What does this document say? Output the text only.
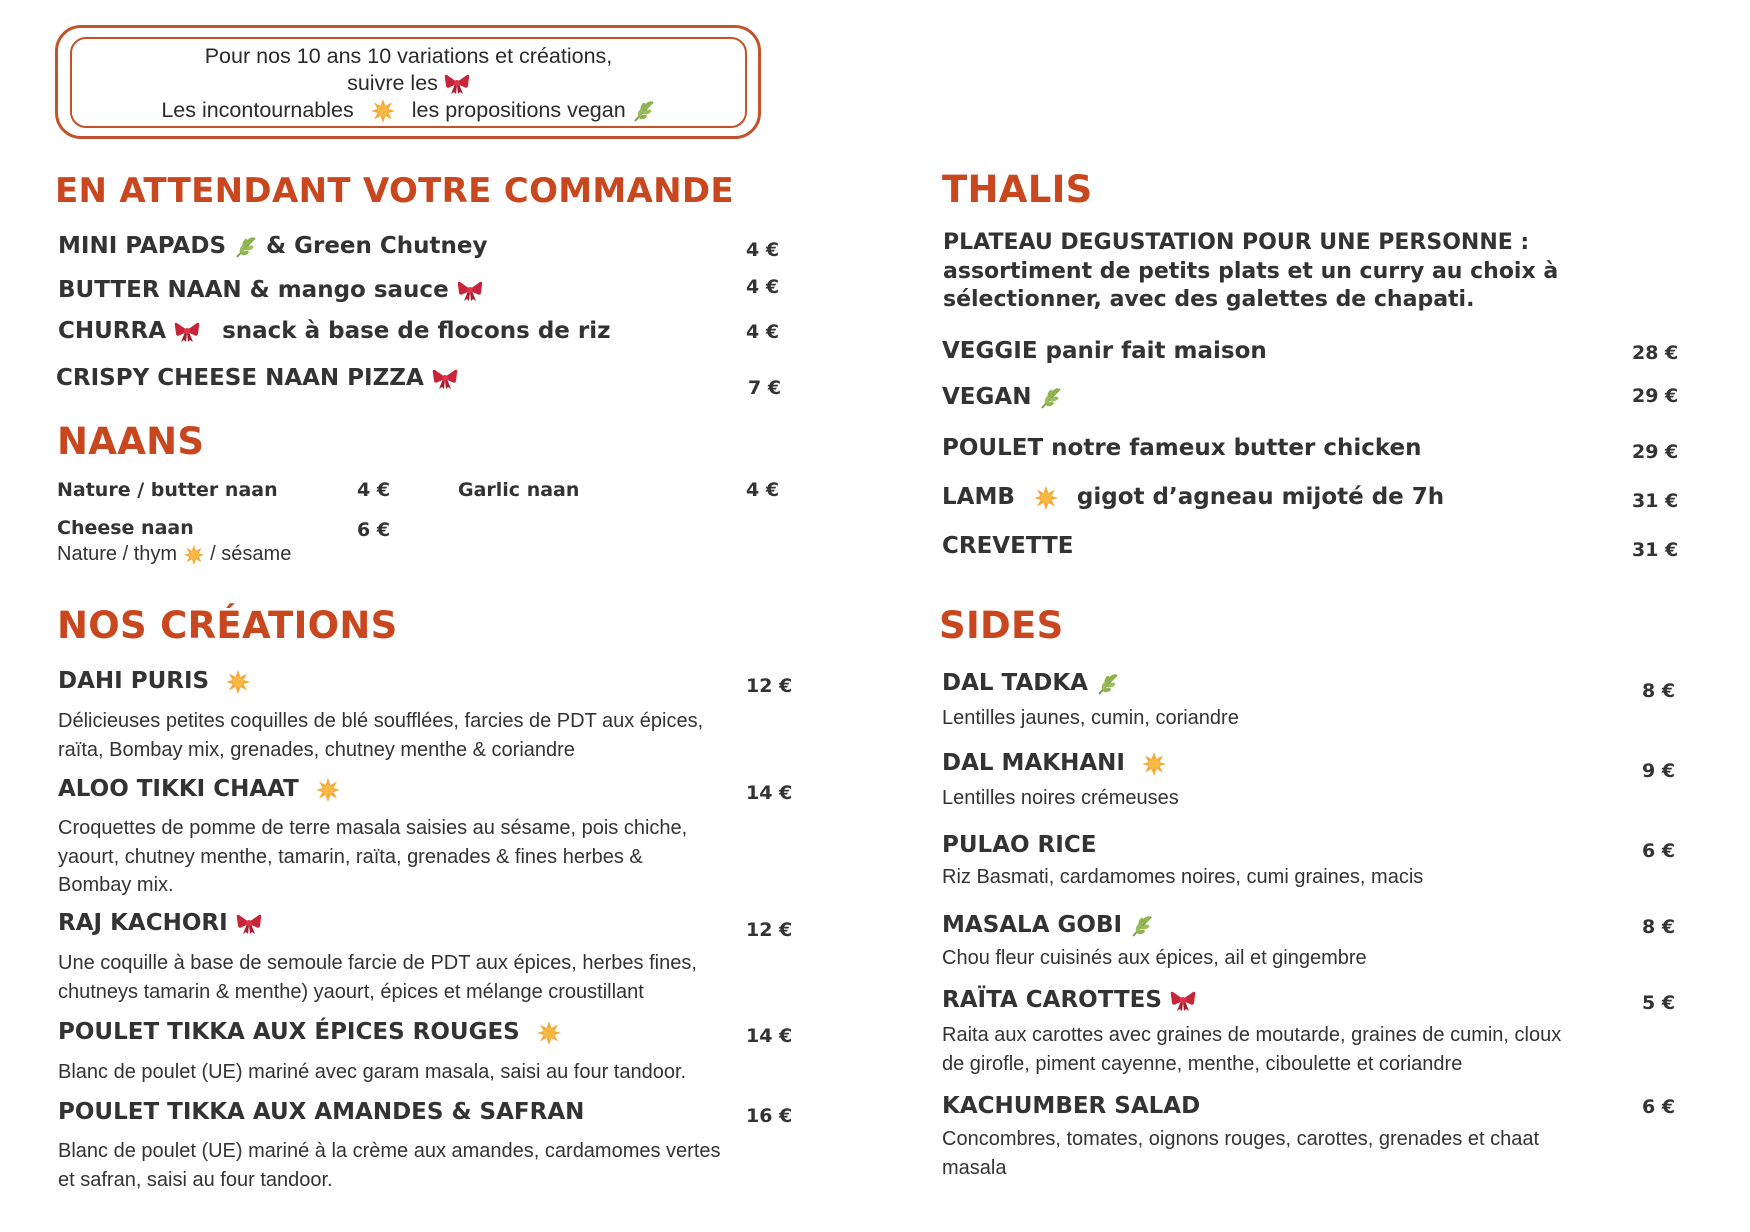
Pour nos 10 ans 10 variations et créations,
suivre les
Les incontournables	les propositions vegan
EN ATTENDANT VOTRE COMMANDE
MINI PAPADS & Green Chutney	4 €
BUTTER NAAN & mango sauce	4 €
CHURRA snack à base de flocons de riz	4 €
CRISPY CHEESE NAAN PIZZA	7 €
NAANS
Nature / butter naan	4 €	Garlic naan	4 €
Cheese naan	6 €
Nature / thym / sésame
NOS CRÉATIONS
DAHI PURIS	12 €
Délicieuses petites coquilles de blé soufflées, farcies de PDT aux épices, raïta, Bombay mix, grenades, chutney menthe & coriandre
ALOO TIKKI CHAAT	14 €
Croquettes de pomme de terre masala saisies au sésame, pois chiche, yaourt, chutney menthe, tamarin, raïta, grenades & fines herbes & Bombay mix.
RAJ KACHORI	12 €
Une coquille à base de semoule farcie de PDT aux épices, herbes fines, chutneys tamarin & menthe) yaourt, épices et mélange croustillant
POULET TIKKA AUX ÉPICES ROUGES	14 €
Blanc de poulet (UE) mariné avec garam masala, saisi au four tandoor.
POULET TIKKA AUX AMANDES & SAFRAN	16 €
Blanc de poulet (UE) mariné à la crème aux amandes, cardamomes vertes et safran, saisi au four tandoor.
THALIS
PLATEAU DEGUSTATION POUR UNE PERSONNE : assortiment de petits plats et un curry au choix à sélectionner, avec des galettes de chapati.
VEGGIE panir fait maison	28 €
VEGAN	29 €
POULET notre fameux butter chicken	29 €
LAMB	gigot d’agneau mijoté de 7h	31 €
CREVETTE	31 €
SIDES
DAL TADKA	8 €
Lentilles jaunes, cumin, coriandre
DAL MAKHANI	9 €
Lentilles noires crémeuses
PULAO RICE	6 €
Riz Basmati, cardamomes noires, cumi graines, macis
MASALA GOBI	8 €
Chou fleur cuisinés aux épices, ail et gingembre
RAÏTA CAROTTES	5 €
Raita aux carottes avec graines de moutarde, graines de cumin, cloux de girofle, piment cayenne, menthe, ciboulette et coriandre
KACHUMBER SALAD	6 €
Concombres, tomates, oignons rouges, carottes, grenades et chaat masala
